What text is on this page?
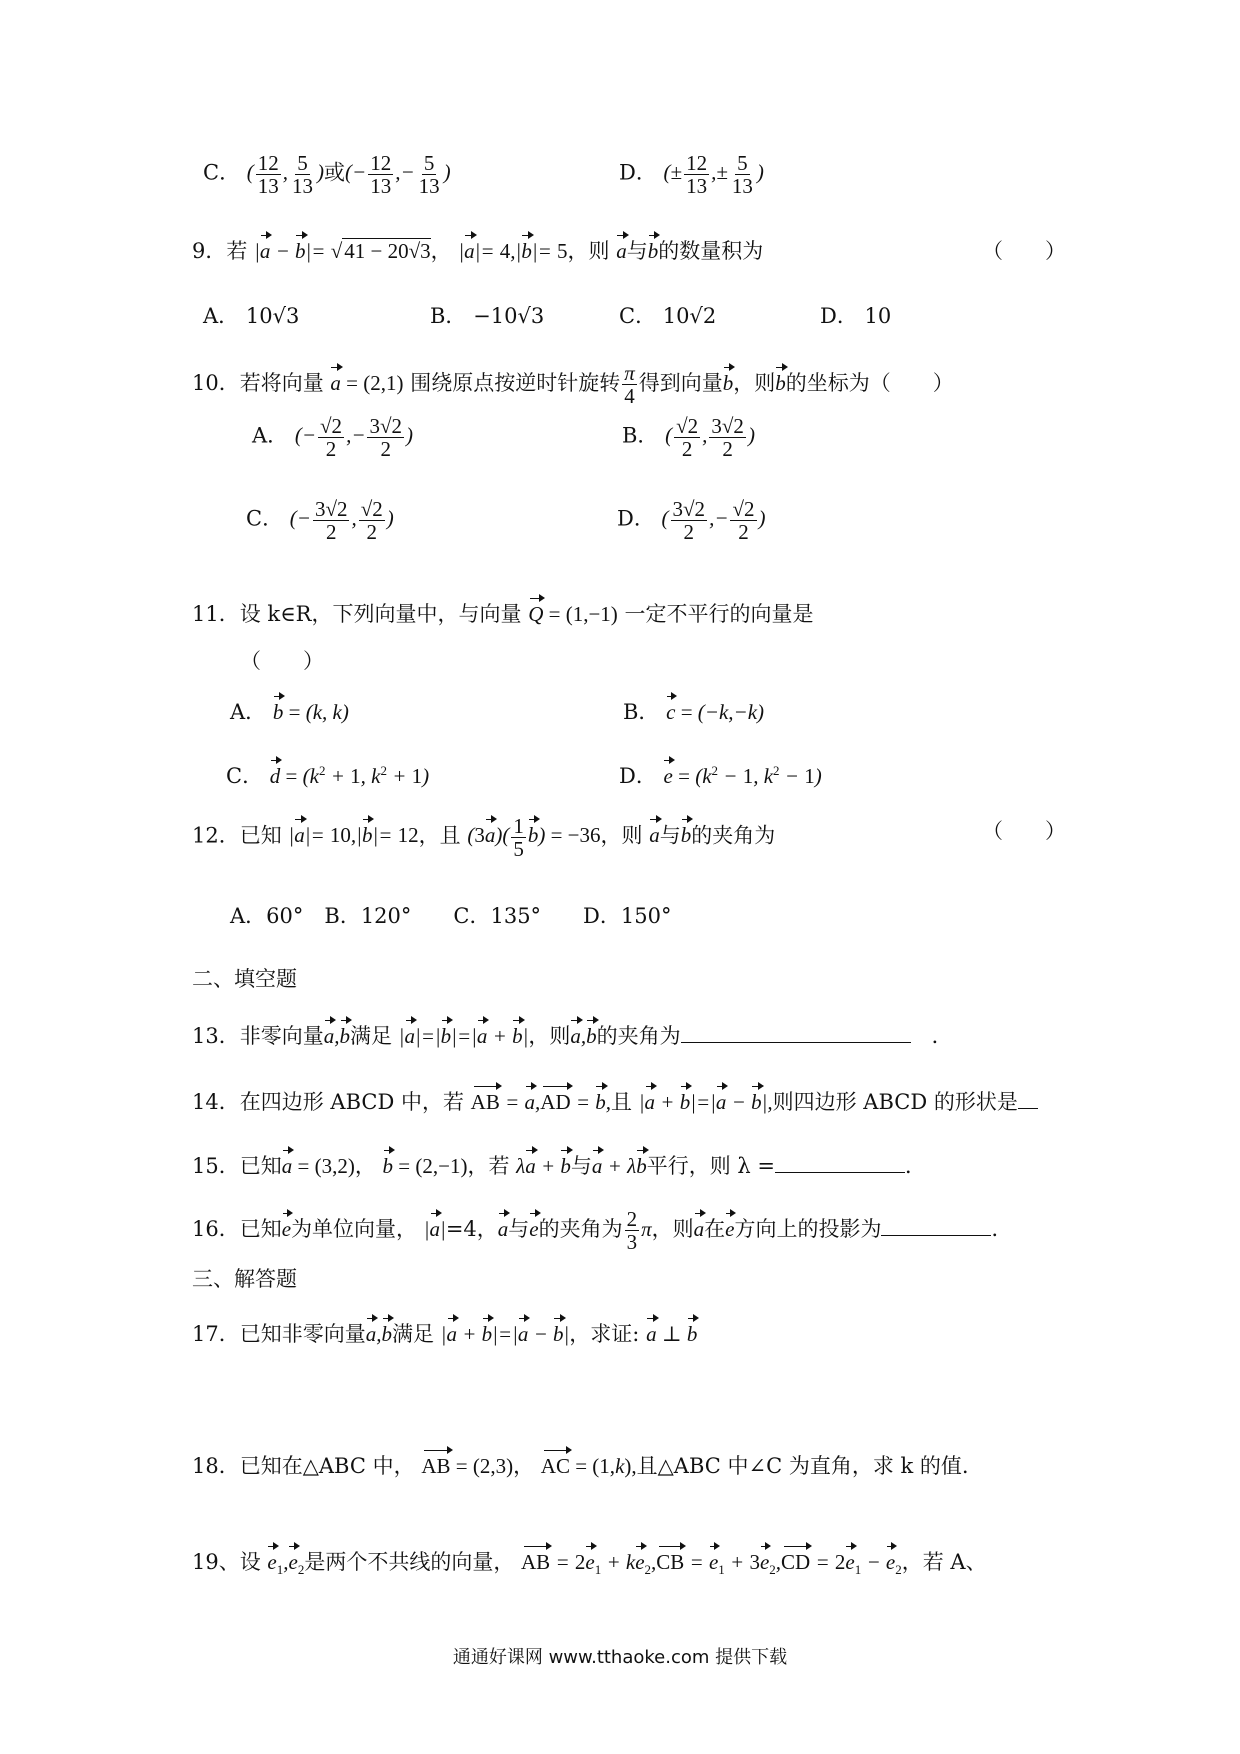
C． ( $\frac{12}{13}$ , $\frac{5}{13}$ )或(− $\frac{12}{13}$ ,− $\frac{5}{13}$ )	D． (± $\frac{12}{13}$ ,± $\frac{5}{13}$ )
9．若 |a − b|= √41 − 20√3， |a|= 4,|b|= 5，则 a与b的数量积为	（　　）
A． 10√3	B． −10√3	C． 10√2	D． 10
10．若将向量 a = (2,1) 围绕原点按逆时针旋转 $\frac{\pi}{4}$ 得到向量b，则b的坐标为（　　）
A． (− $\frac{√2}{2}$ ,− $\frac{3√2}{2}$ )	B． ( $\frac{√2}{2}$ , $\frac{3√2}{2}$ )
C． (− $\frac{3√2}{2}$ , $\frac{√2}{2}$ )	D． ( $\frac{3√2}{2}$ ,− $\frac{√2}{2}$ )
11．设 k∈R，下列向量中，与向量 Q = (1,−1) 一定不平行的向量是
（　　）
A． b = (k, k)	B． c = (−k,−k)
C． $d = (k^2 + 1$, $k^2 + 1$)	D． $e = (k^2 - 1$, $k^2 - 1$)
12．已知 |a|= 10,|b|= 12，且 $(3a)( \frac{1}{5} b) = -36$，则 a与b的夹角为	（　　）
A．60°　B．120°　　C．135°　　D．150°
二、填空题
13．非零向量a,b满足 |a|=|b|=|a + b|，则a,b的夹角为　	．
14．在四边形 ABCD 中，若 AB = a,AD = b,且 |a + b|=|a − b|,则四边形 ABCD 的形状是
15．已知a = (3,2)， b = (2,−1)，若 λa + b与a + λb平行，则 λ =	．
16．已知e为单位向量， |a|=4，a与e的夹角为 $\frac{2}{3}$ π，则a在e方向上的投影为	．
三、解答题
17．已知非零向量a,b满足 |a + b|=|a − b|，求证: a ⊥ b
18．已知在△ABC 中， AB = (2,3)， AC = (1,k),且△ABC 中∠C 为直角，求 k 的值.
19、设 $e_1,e_2$是两个不共线的向量， AB = $2e_1 + ke_2,CB = e_1 + 3e_2,CD = 2e_1 - e_2$，若 A、
通通好课网 www.tthaoke.com 提供下载
